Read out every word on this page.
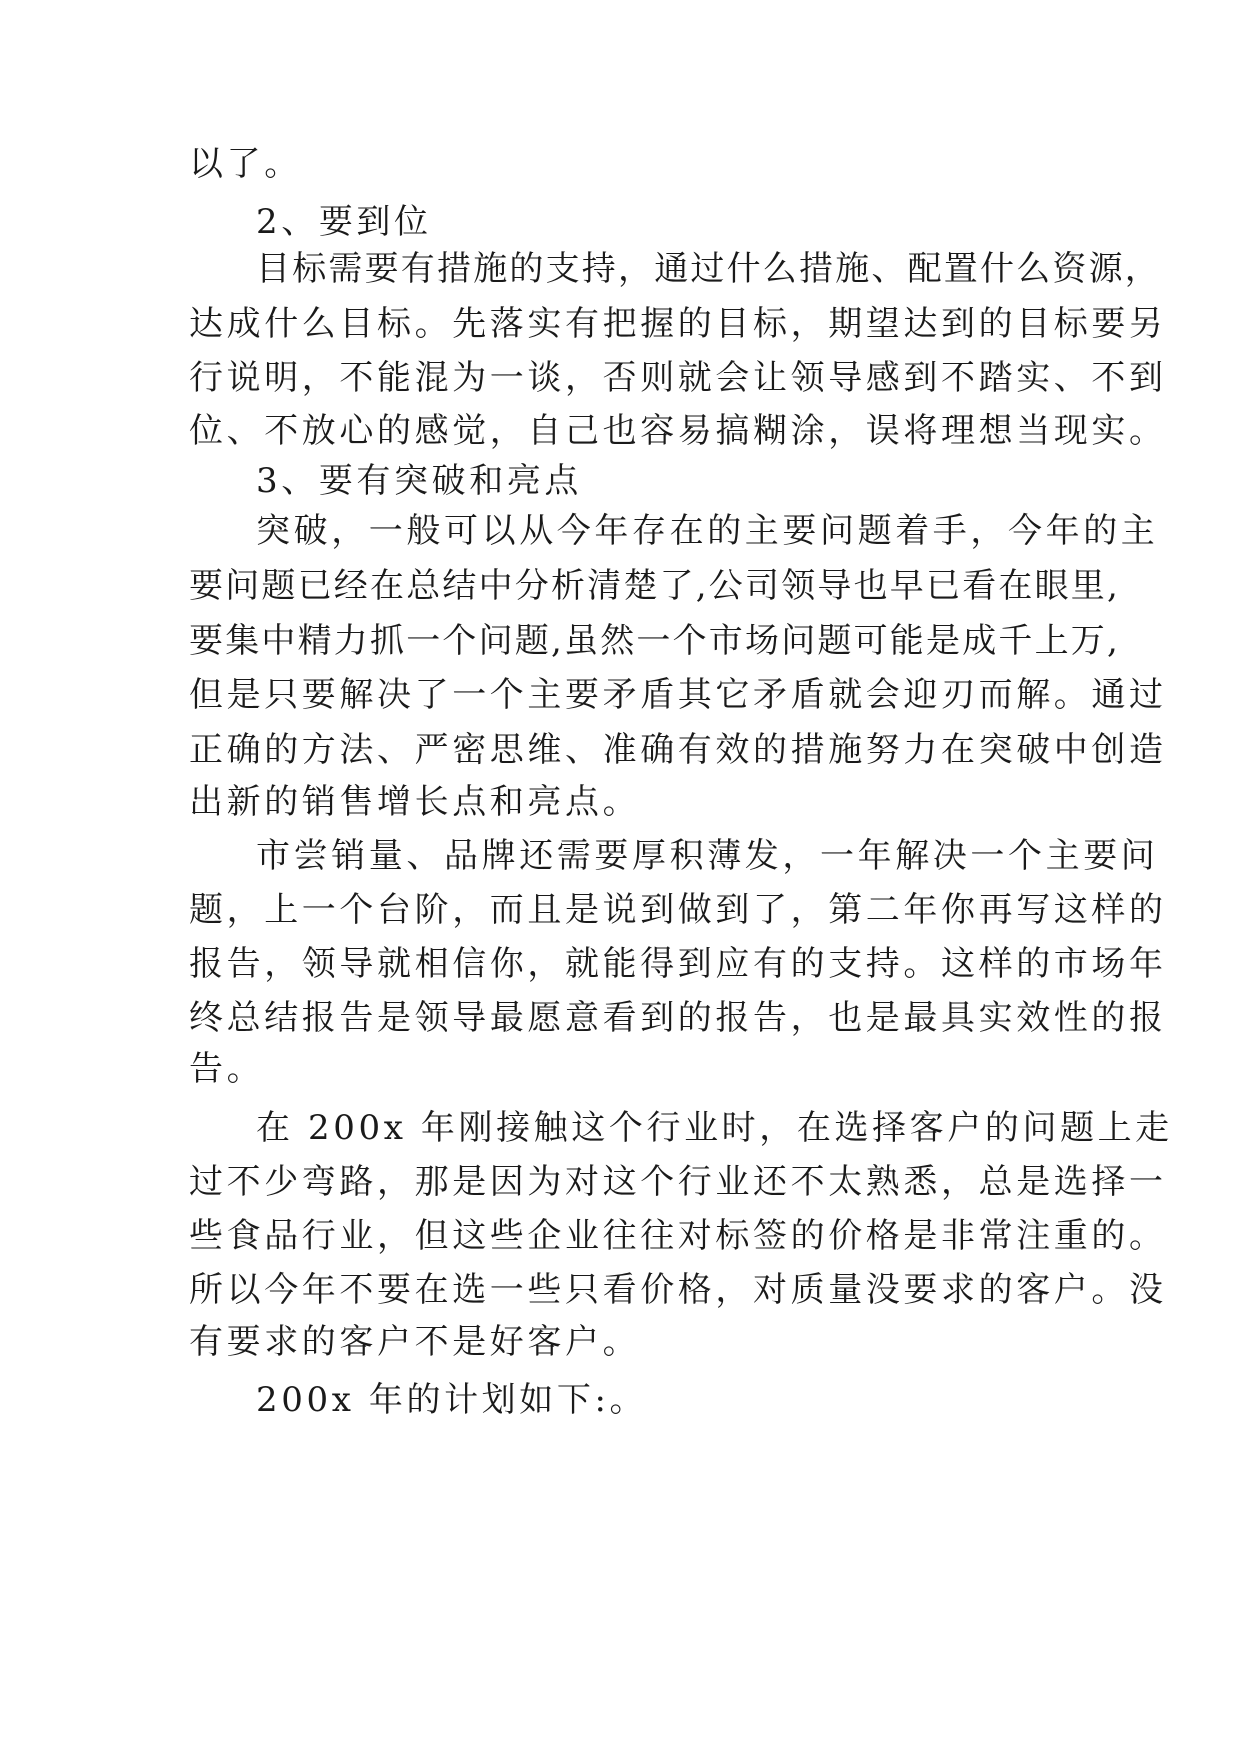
以了。
2、要到位
目标需要有措施的支持，通过什么措施、配置什么资源，
达成什么目标。先落实有把握的目标，期望达到的目标要另
行说明，不能混为一谈，否则就会让领导感到不踏实、不到
位、不放心的感觉，自己也容易搞糊涂，误将理想当现实。
3、要有突破和亮点
突破，一般可以从今年存在的主要问题着手，今年的主
要问题已经在总结中分析清楚了,公司领导也早已看在眼里,
要集中精力抓一个问题,虽然一个市场问题可能是成千上万,
但是只要解决了一个主要矛盾其它矛盾就会迎刃而解。通过
正确的方法、严密思维、准确有效的措施努力在突破中创造
出新的销售增长点和亮点。
市尝销量、品牌还需要厚积薄发，一年解决一个主要问
题，上一个台阶，而且是说到做到了，第二年你再写这样的
报告，领导就相信你，就能得到应有的支持。这样的市场年
终总结报告是领导最愿意看到的报告，也是最具实效性的报
告。
在 200x 年刚接触这个行业时，在选择客户的问题上走
过不少弯路，那是因为对这个行业还不太熟悉，总是选择一
些食品行业，但这些企业往往对标签的价格是非常注重的。
所以今年不要在选一些只看价格，对质量没要求的客户。没
有要求的客户不是好客户。
200x 年的计划如下:。
